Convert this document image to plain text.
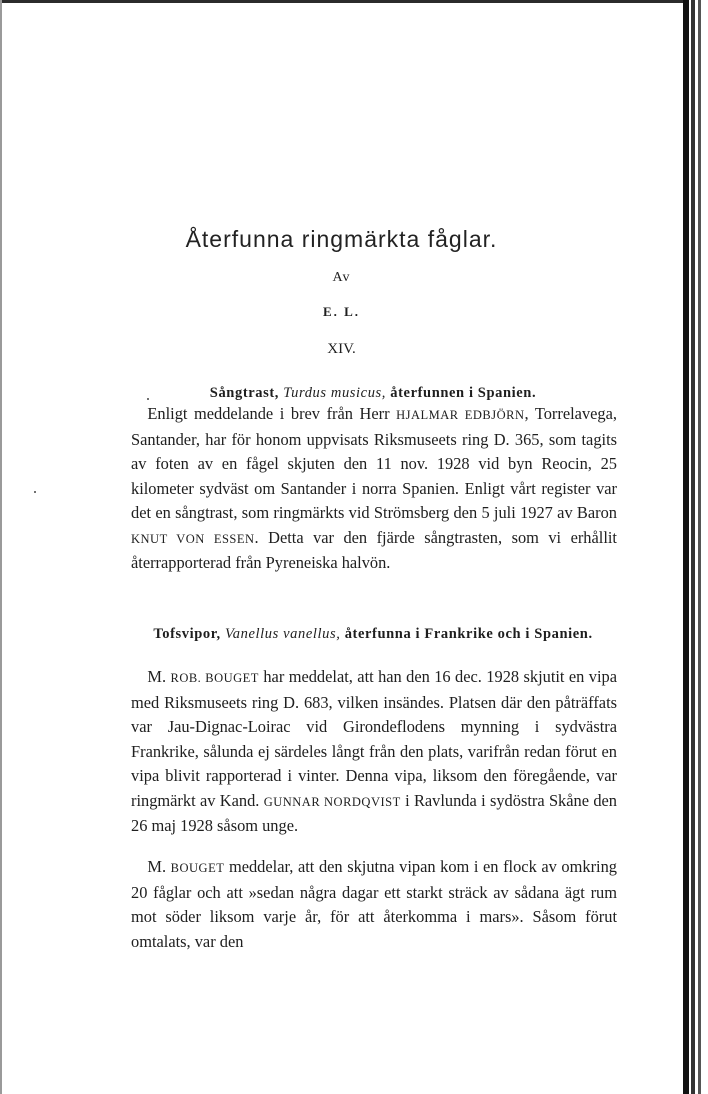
Återfunna ringmärkta fåglar.
Av
E. L.
XIV.
Sångtrast, Turdus musicus, återfunnen i Spanien.
 Enligt meddelande i brev från Herr HJALMAR EDBJÖRN, Torrelavega, Santander, har för honom uppvisats Riksmuseets ring D. 365, som tagits av foten av en fågel skjuten den 11 nov. 1928 vid byn Reocin, 25 kilometer sydväst om Santander i norra Spanien. Enligt vårt register var det en sångtrast, som ringmärkts vid Strömsberg den 5 juli 1927 av Baron KNUT VON ESSEN. Detta var den fjärde sångtrasten, som vi erhållit återrapporterad från Pyreneiska halvön.
Tofsvipor, Vanellus vanellus, återfunna i Frankrike och i Spanien.
 M. ROB. BOUGET har meddelat, att han den 16 dec. 1928 skjutit en vipa med Riksmuseets ring D. 683, vilken insändes. Platsen där den påträffats var Jau-Dignac-Loirac vid Girondeflodens mynning i sydvästra Frankrike, sålunda ej särdeles långt från den plats, varifrån redan förut en vipa blivit rapporterad i vinter. Denna vipa, liksom den föregående, var ringmärkt av Kand. GUNNAR NORDQVIST i Ravlunda i sydöstra Skåne den 26 maj 1928 såsom unge.
 M. BOUGET meddelar, att den skjutna vipan kom i en flock av omkring 20 fåglar och att »sedan några dagar ett starkt sträck av sådana ägt rum mot söder liksom varje år, för att återkomma i mars». Såsom förut omtalats, var den
